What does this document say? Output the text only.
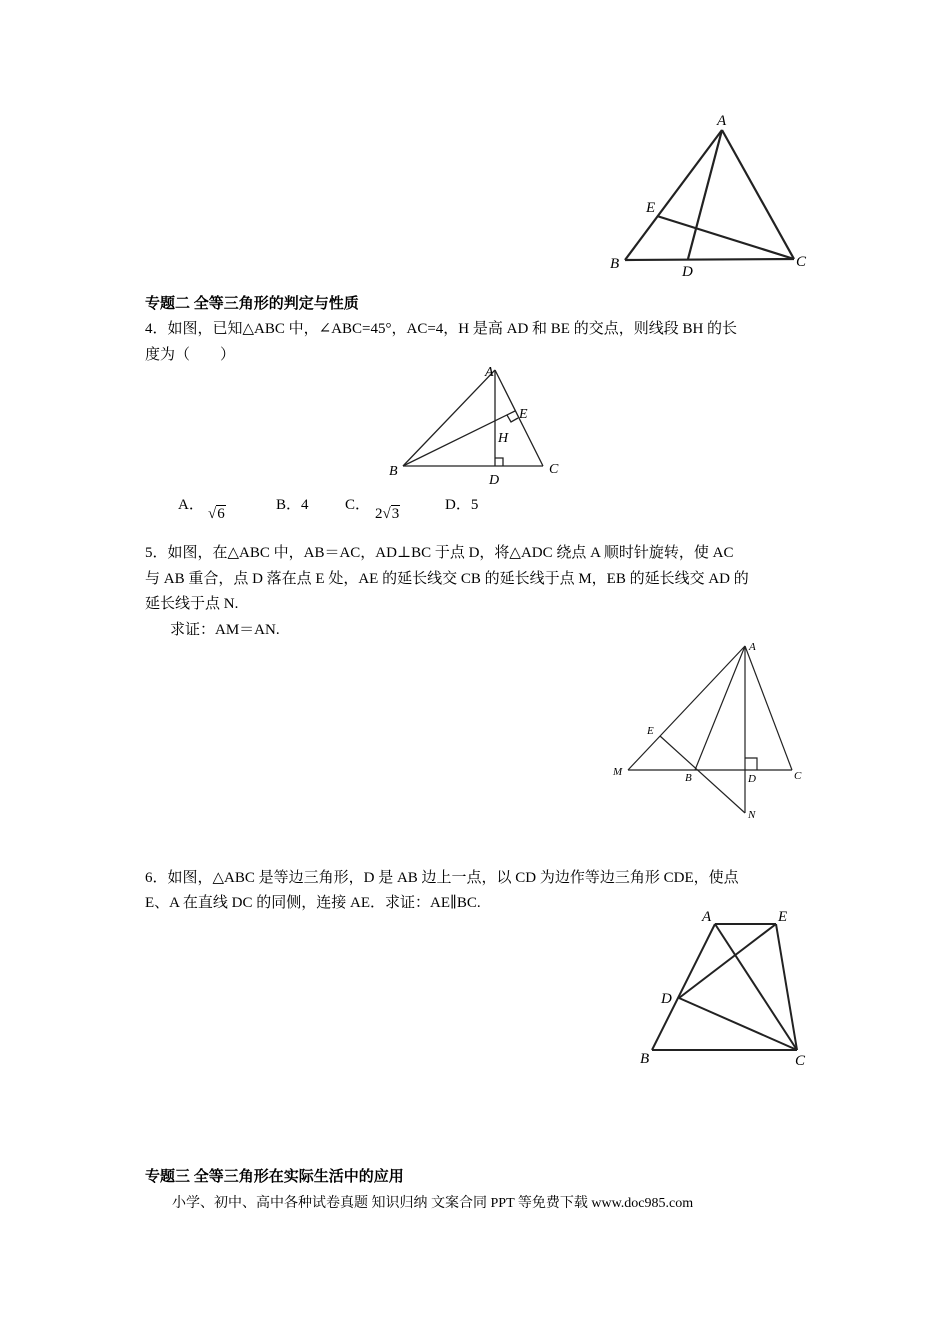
A
B	C
D
E
专题二 全等三角形的判定与性质
4．如图，已知△ABC 中，∠ABC=45°，AC=4，H 是高 AD 和 BE 的交点，则线段 BH 的长
度为（　　）
A
B	C
D
E
H
A．
√6
B．4 C．
2√3
D．5
5．如图，在△ABC 中，AB＝AC，AD⊥BC 于点 D，将△ADC 绕点 A 顺时针旋转，使 AC
与 AB 重合，点 D 落在点 E 处，AE 的延长线交 CB 的延长线于点 M，EB 的延长线交 AD 的
延长线于点 N.
求证：AM＝AN.
A
B	C
D
E
M
N
6．如图，△ABC 是等边三角形，D 是 AB 边上一点，以 CD 为边作等边三角形 CDE，使点
E、A 在直线 DC 的同侧，连接 AE．求证：AE∥BC.
A	E
D
B	C
专题三 全等三角形在实际生活中的应用
小学、初中、高中各种试卷真题 知识归纳 文案合同 PPT 等免费下载 www.doc985.com
